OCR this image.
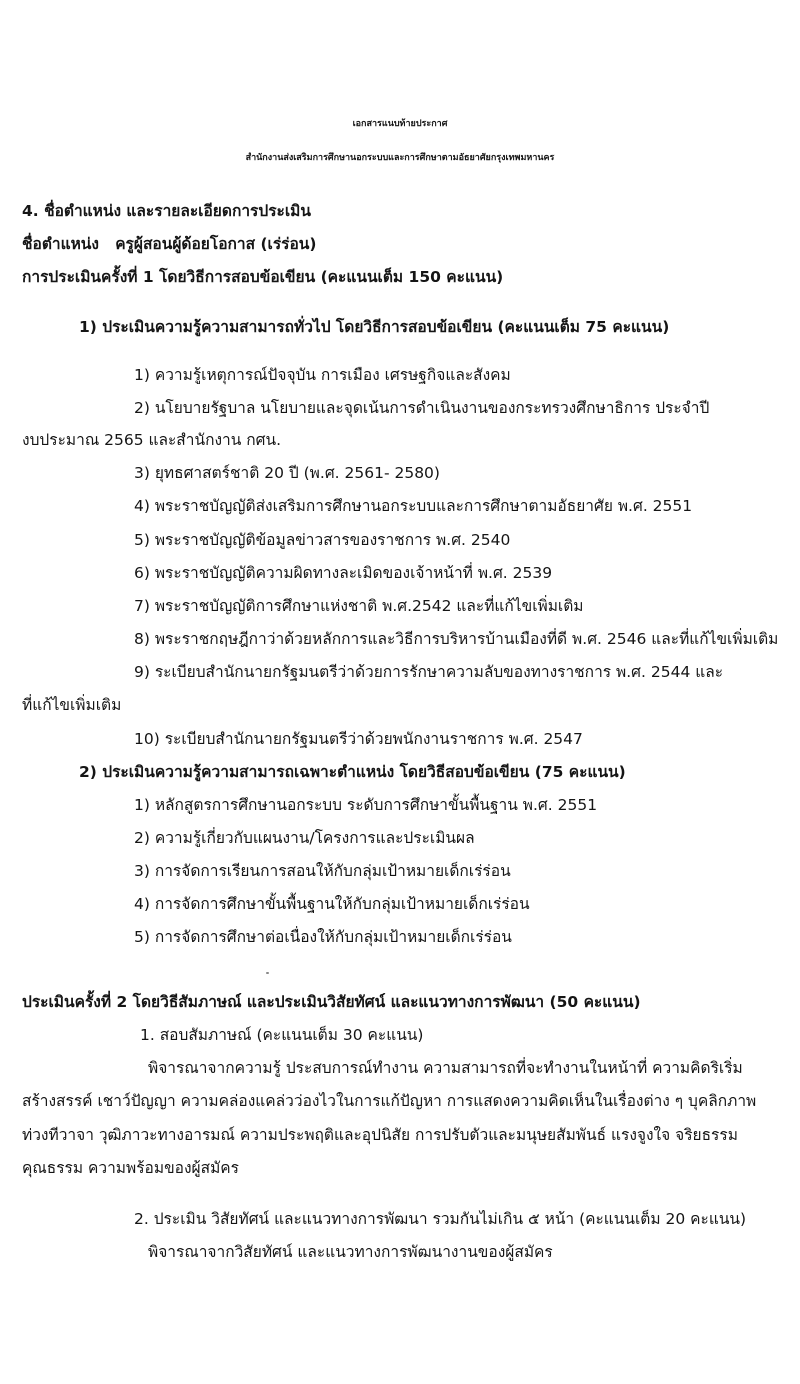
เอกสารแนบท้ายประกาศ
สำนักงานส่งเสริมการศึกษานอกระบบและการศึกษาตามอัธยาศัยกรุงเทพมหานคร
4. ชื่อตำแหน่ง และรายละเอียดการประเมิน
ชื่อตำแหน่ง ครูผู้สอนผู้ด้อยโอกาส (เร่ร่อน)
การประเมินครั้งที่ 1 โดยวิธีการสอบข้อเขียน (คะแนนเต็ม 150 คะแนน)
1) ประเมินความรู้ความสามารถทั่วไป โดยวิธีการสอบข้อเขียน (คะแนนเต็ม 75 คะแนน)
1) ความรู้เหตุการณ์ปัจจุบัน การเมือง เศรษฐกิจและสังคม
2) นโยบายรัฐบาล นโยบายและจุดเน้นการดำเนินงานของกระทรวงศึกษาธิการ ประจำปี
งบประมาณ 2565 และสำนักงาน กศน.
3) ยุทธศาสตร์ชาติ 20 ปี (พ.ศ. 2561- 2580)
4) พระราชบัญญัติส่งเสริมการศึกษานอกระบบและการศึกษาตามอัธยาศัย พ.ศ. 2551
5) พระราชบัญญัติข้อมูลข่าวสารของราชการ พ.ศ. 2540
6) พระราชบัญญัติความผิดทางละเมิดของเจ้าหน้าที่ พ.ศ. 2539
7) พระราชบัญญัติการศึกษาแห่งชาติ พ.ศ.2542 และที่แก้ไขเพิ่มเติม
8) พระราชกฤษฎีกาว่าด้วยหลักการและวิธีการบริหารบ้านเมืองที่ดี พ.ศ. 2546 และที่แก้ไขเพิ่มเติม
9) ระเบียบสำนักนายกรัฐมนตรีว่าด้วยการรักษาความลับของทางราชการ พ.ศ. 2544 และ
ที่แก้ไขเพิ่มเติม
10) ระเบียบสำนักนายกรัฐมนตรีว่าด้วยพนักงานราชการ พ.ศ. 2547
2) ประเมินความรู้ความสามารถเฉพาะตำแหน่ง โดยวิธีสอบข้อเขียน (75 คะแนน)
1) หลักสูตรการศึกษานอกระบบ ระดับการศึกษาขั้นพื้นฐาน พ.ศ. 2551
2) ความรู้เกี่ยวกับแผนงาน/โครงการและประเมินผล
3) การจัดการเรียนการสอนให้กับกลุ่มเป้าหมายเด็กเร่ร่อน
4) การจัดการศึกษาขั้นพื้นฐานให้กับกลุ่มเป้าหมายเด็กเร่ร่อน
5) การจัดการศึกษาต่อเนื่องให้กับกลุ่มเป้าหมายเด็กเร่ร่อน
ประเมินครั้งที่ 2 โดยวิธีสัมภาษณ์ และประเมินวิสัยทัศน์ และแนวทางการพัฒนา (50 คะแนน)
1. สอบสัมภาษณ์ (คะแนนเต็ม 30 คะแนน)
พิจารณาจากความรู้ ประสบการณ์ทำงาน ความสามารถที่จะทำงานในหน้าที่ ความคิดริเริ่ม
สร้างสรรค์ เชาว์ปัญญา ความคล่องแคล่วว่องไวในการแก้ปัญหา การแสดงความคิดเห็นในเรื่องต่าง ๆ บุคลิกภาพ
ท่วงทีวาจา วุฒิภาวะทางอารมณ์ ความประพฤติและอุปนิสัย การปรับตัวและมนุษยสัมพันธ์ แรงจูงใจ จริยธรรม
คุณธรรม ความพร้อมของผู้สมัคร
2. ประเมิน วิสัยทัศน์ และแนวทางการพัฒนา รวมกันไม่เกิน ๕ หน้า (คะแนนเต็ม 20 คะแนน)
พิจารณาจากวิสัยทัศน์ และแนวทางการพัฒนางานของผู้สมัคร
